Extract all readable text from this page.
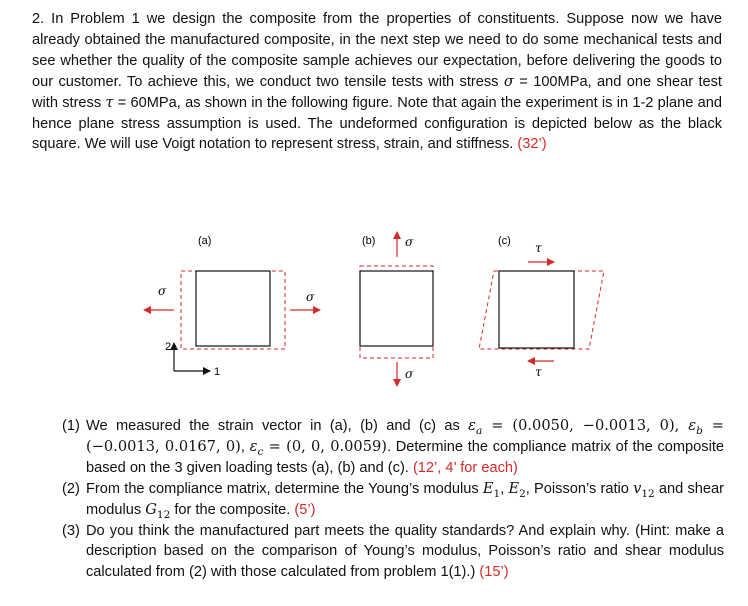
2. In Problem 1 we design the composite from the properties of constituents. Suppose now we have already obtained the manufactured composite, in the next step we need to do some mechanical tests and see whether the quality of the composite sample achieves our expectation, before delivering the goods to our customer. To achieve this, we conduct two tensile tests with stress σ = 100MPa, and one shear test with stress τ = 60MPa, as shown in the following figure. Note that again the experiment is in 1-2 plane and hence plane stress assumption is used. The undeformed configuration is depicted below as the black square. We will use Voigt notation to represent stress, strain, and stiffness. (32’)
(a)
σ	σ
2
1
(b) σ
σ
(c) τ
τ
(1) We measured the strain vector in (a), (b) and (c) as $\varepsilon_a = (0.0050$, −0.0013, 0), $\varepsilon_b = (-0.0013$, 0.0167, 0), $\varepsilon_c = (0$, 0, 0.0059). Determine the compliance matrix of the composite based on the 3 given loading tests (a), (b) and (c). (12’, 4’ for each)
(2) From the compliance matrix, determine the Young’s modulus $E_1$, $E_2$, Poisson’s ratio $v_{12}$ and shear modulus $G_{12}$ for the composite. (5’)
(3) Do you think the manufactured part meets the quality standards? And explain why. (Hint: make a description based on the comparison of Young’s modulus, Poisson’s ratio and shear modulus calculated from (2) with those calculated from problem 1(1).) (15’)
